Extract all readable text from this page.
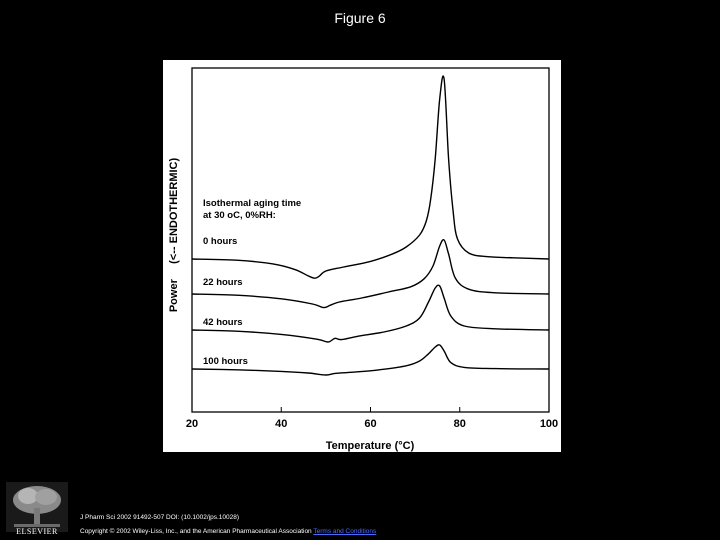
Figure 6
20	40	60	80	100
Temperature (°C)
Power     (<-- ENDOTHERMIC) Isothermal aging time
at 30 oC, 0%RH:
0 hours
22 hours
42 hours
100 hours
ELSEVIER
J Pharm Sci 2002 91492-507 DOI: (10.1002/jps.10028)
Copyright © 2002 Wiley-Liss, Inc., and the American Pharmaceutical Association Terms and Conditions
